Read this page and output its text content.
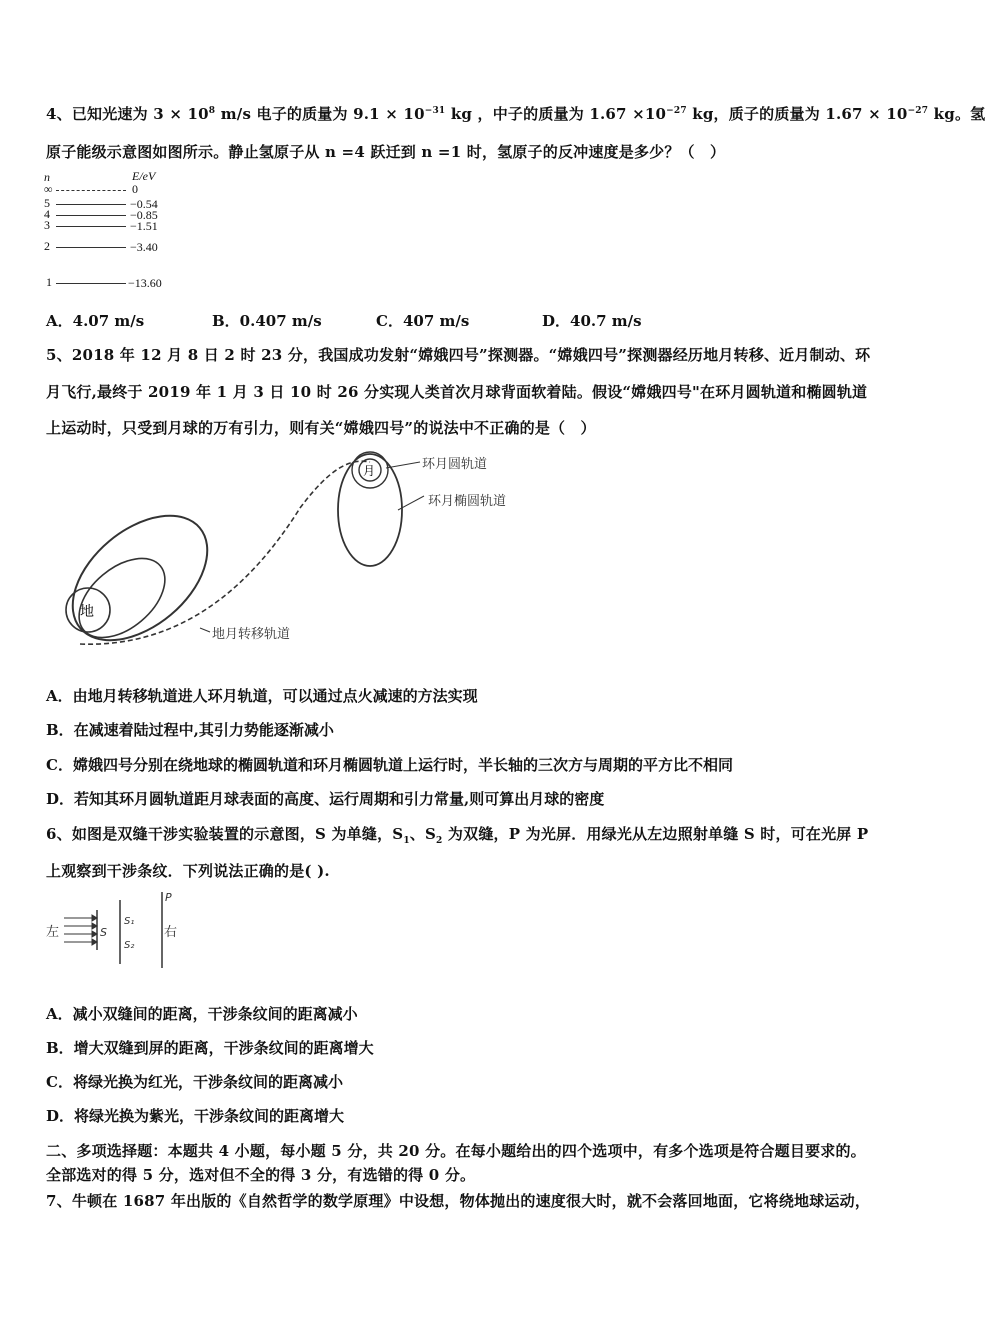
4、已知光速为 $3 \times 10^8$ m/s 电子的质量为 $9.1 \times 10^{-31}$ kg ，中子的质量为 $1.67 \times 10^{-27}$ kg，质子的质量为 $1.67 \times 10^{-27}$ kg。氢
原子能级示意图如图所示。静止氢原子从 n =4 跃迁到 n =1 时，氢原子的反冲速度是多少？（　）
n	E/eV
∞	0
5	−0.54
4	−0.85
3	−1.51
2	−3.40
1	−13.60
A．4.07 m/s	B．0.407 m/s	C．407 m/s	D．40.7 m/s
5、2018 年 12 月 8 日 2 时 23 分，我国成功发射“嫦娥四号”探测器。“嫦娥四号”探测器经历地月转移、近月制动、环
月飞行,最终于 2019 年 1 月 3 日 10 时 26 分实现人类首次月球背面软着陆。假设“嫦娥四号"在环月圆轨道和椭圆轨道
上运动时，只受到月球的万有引力，则有关“嫦娥四号”的说法中不正确的是（　）
地
月	环月圆轨道
环月椭圆轨道
地月转移轨道
A．由地月转移轨道进人环月轨道，可以通过点火减速的方法实现
B．在减速着陆过程中,其引力势能逐渐减小
C．嫦娥四号分别在绕地球的椭圆轨道和环月椭圆轨道上运行时，半长轴的三次方与周期的平方比不相同
D．若知其环月圆轨道距月球表面的高度、运行周期和引力常量,则可算出月球的密度
6、如图是双缝干涉实验装置的示意图，S 为单缝，$S_1$、$S_2$ 为双缝，P 为光屏．用绿光从左边照射单缝 S 时，可在光屏 P
上观察到干涉条纹．下列说法正确的是( ).
左	S
S₁
S₂
P
右
A．减小双缝间的距离，干涉条纹间的距离减小
B．增大双缝到屏的距离，干涉条纹间的距离增大
C．将绿光换为红光，干涉条纹间的距离减小
D．将绿光换为紫光，干涉条纹间的距离增大
二、多项选择题：本题共 4 小题，每小题 5 分，共 20 分。在每小题给出的四个选项中，有多个选项是符合题目要求的。
全部选对的得 5 分，选对但不全的得 3 分，有选错的得 0 分。
7、牛顿在 1687 年出版的《自然哲学的数学原理》中设想，物体抛出的速度很大时，就不会落回地面，它将绕地球运动，
